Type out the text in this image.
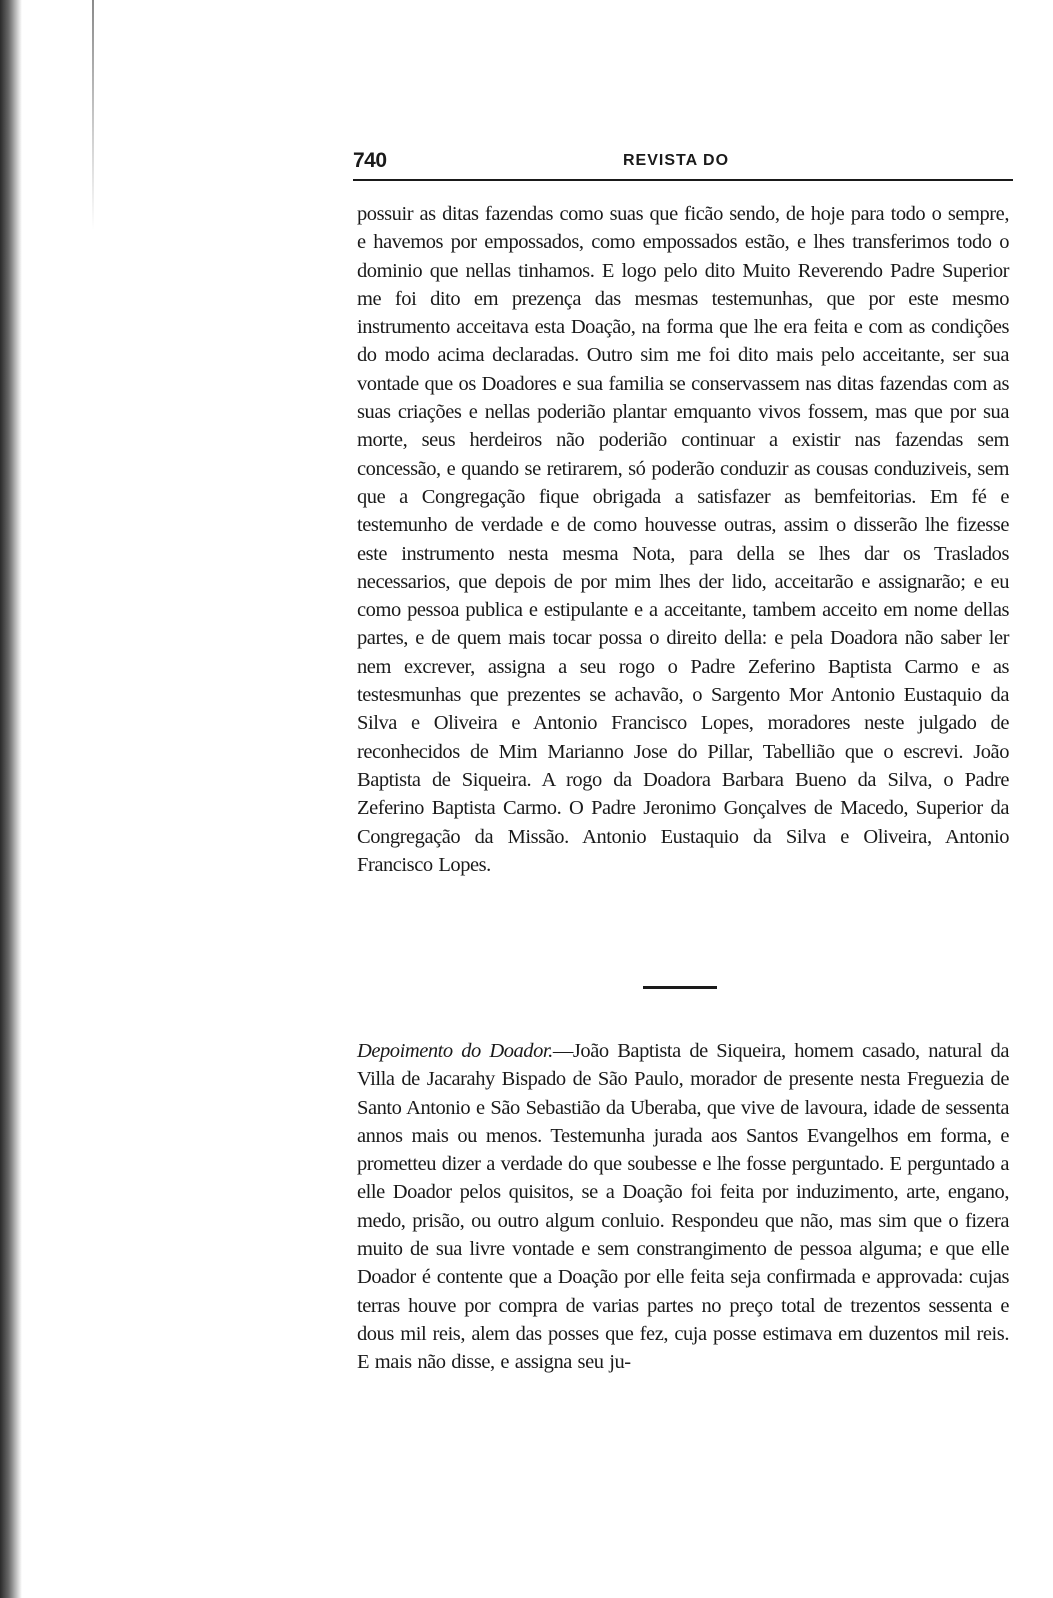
740	REVISTA DO
possuir as ditas fazendas como suas que ficão sendo, de hoje para todo o sempre, e havemos por empossados, como empossados estão, e lhes transferimos todo o dominio que nellas tinhamos. E logo pelo dito Muito Reverendo Padre Superior me foi dito em prezença das mesmas testemunhas, que por este mesmo instrumento acceitava esta Doação, na forma que lhe era feita e com as condições do modo acima declaradas. Outro sim me foi dito mais pelo acceitante, ser sua vontade que os Doadores e sua familia se conservassem nas ditas fazendas com as suas criações e nellas poderião plantar emquanto vivos fossem, mas que por sua morte, seus herdeiros não poderião continuar a existir nas fazendas sem concessão, e quando se retirarem, só poderão conduzir as cousas conduziveis, sem que a Congregação fique obrigada a satisfazer as bemfeitorias. Em fé e testemunho de verdade e de como houvesse outras, assim o disserão lhe fizesse este instrumento nesta mesma Nota, para della se lhes dar os Traslados necessarios, que depois de por mim lhes der lido, acceitarão e assignarão; e eu como pessoa publica e estipulante e a acceitante, tambem acceito em nome dellas partes, e de quem mais tocar possa o direito della: e pela Doadora não saber ler nem excrever, assigna a seu rogo o Padre Zeferino Baptista Carmo e as testesmunhas que prezentes se achavão, o Sargento Mor Antonio Eustaquio da Silva e Oliveira e Antonio Francisco Lopes, moradores neste julgado de reconhecidos de Mim Marianno Jose do Pillar, Tabellião que o escrevi. João Baptista de Siqueira. A rogo da Doadora Barbara Bueno da Silva, o Padre Zeferino Baptista Carmo. O Padre Jeronimo Gonçalves de Macedo, Superior da Congregação da Missão. Antonio Eustaquio da Silva e Oliveira, Antonio Francisco Lopes.
Depoimento do Doador.—João Baptista de Siqueira, homem casado, natural da Villa de Jacarahy Bispado de São Paulo, morador de presente nesta Freguezia de Santo Antonio e São Sebastião da Uberaba, que vive de lavoura, idade de sessenta annos mais ou menos. Testemunha jurada aos Santos Evangelhos em forma, e prometteu dizer a verdade do que soubesse e lhe fosse perguntado. E perguntado a elle Doador pelos quisitos, se a Doação foi feita por induzimento, arte, engano, medo, prisão, ou outro algum conluio. Respondeu que não, mas sim que o fizera muito de sua livre vontade e sem constrangimento de pessoa alguma; e que elle Doador é contente que a Doação por elle feita seja confirmada e approvada: cujas terras houve por compra de varias partes no preço total de trezentos sessenta e dous mil reis, alem das posses que fez, cuja posse estimava em duzentos mil reis. E mais não disse, e assigna seu ju-
